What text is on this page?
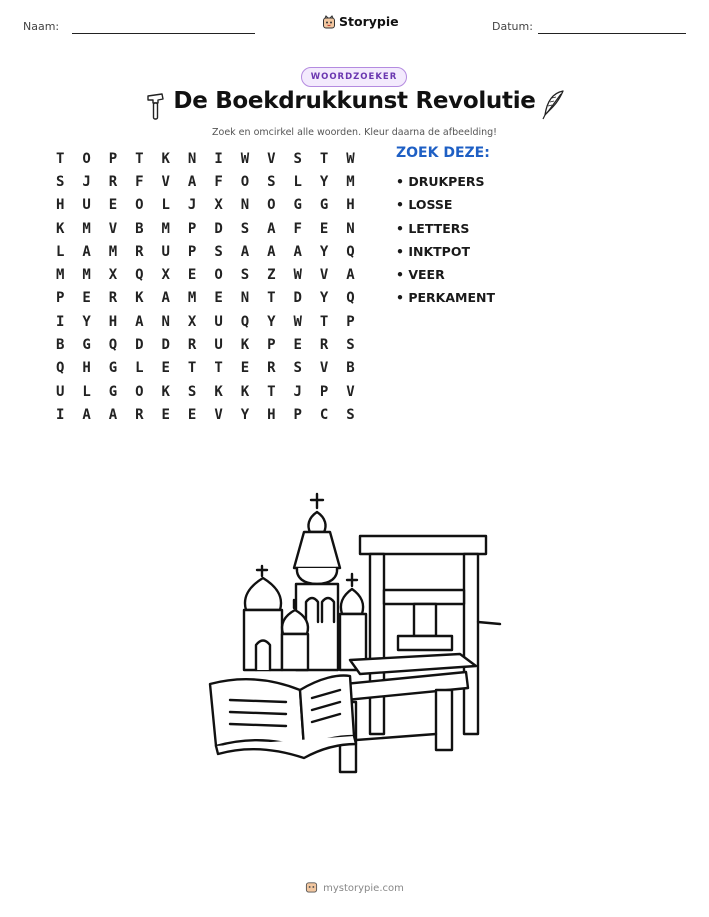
Naam:	Storypie	Datum:
WOORDZOEKER
De Boekdrukkunst Revolutie
Zoek en omcirkel alle woorden. Kleur daarna de afbeelding!
T	O	P	T	K	N	I	W	V	S	T	W
S	J	R	F	V	A	F	O	S	L	Y	M
H	U	E	O	L	J	X	N	O	G	G	H
K	M	V	B	M	P	D	S	A	F	E	N
L	A	M	R	U	P	S	A	A	A	Y	Q
M	M	X	Q	X	E	O	S	Z	W	V	A
P	E	R	K	A	M	E	N	T	D	Y	Q
I	Y	H	A	N	X	U	Q	Y	W	T	P
B	G	Q	D	D	R	U	K	P	E	R	S
Q	H	G	L	E	T	T	E	R	S	V	B
U	L	G	O	K	S	K	K	T	J	P	V
I	A	A	R	E	E	V	Y	H	P	C	S
ZOEK DEZE:
• DRUKPERS
• LOSSE
• LETTERS
• INKTPOT
• VEER
• PERKAMENT
mystorypie.com
